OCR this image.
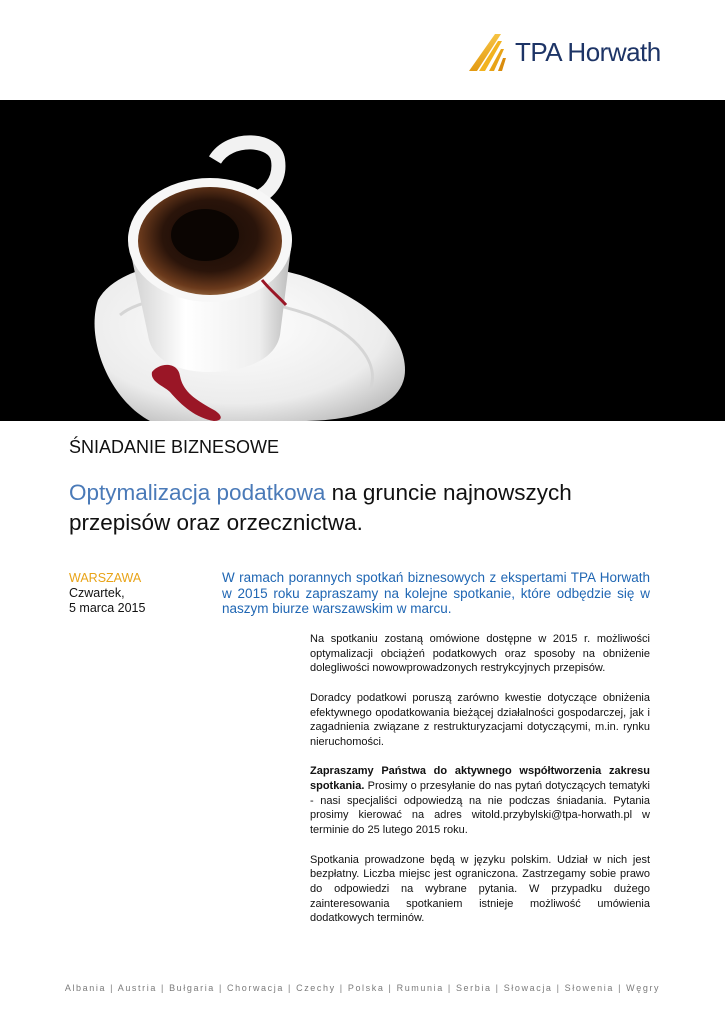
TPA Horwath
ŚNIADANIE BIZNESOWE
Optymalizacja podatkowa na gruncie najnowszych przepisów oraz orzecznictwa.
WARSZAWA
Czwartek,
5 marca 2015
W ramach porannych spotkań biznesowych z ekspertami TPA Horwath w 2015 roku zapraszamy na kolejne spotkanie, które odbędzie się w naszym biurze warszawskim w marcu.

Na spotkaniu zostaną omówione dostępne w 2015 r. możliwości optymalizacji obciążeń podatkowych oraz sposoby na obniżenie dolegliwości nowowprowadzonych restrykcyjnych przepisów.

Doradcy podatkowi poruszą zarówno kwestie dotyczące obniżenia efektywnego opodatkowania bieżącej działalności gospodarczej, jak i zagadnienia związane z restrukturyzacjami dotyczącymi, m.in. rynku nieruchomości.

Zapraszamy Państwa do aktywnego współtworzenia zakresu spotkania. Prosimy o przesyłanie do nas pytań dotyczących tematyki - nasi specjaliści odpowiedzą na nie podczas śniadania. Pytania prosimy kierować na adres witold.przybylski@tpa-horwath.pl w terminie do 25 lutego 2015 roku.

Spotkania prowadzone będą w języku polskim. Udział w nich jest bezpłatny. Liczba miejsc jest ograniczona. Zastrzegamy sobie prawo do odpowiedzi na wybrane pytania. W przypadku dużego zainteresowania spotkaniem istnieje możliwość umówienia dodatkowych terminów.

Albania | Austria | Bułgaria | Chorwacja | Czechy | Polska | Rumunia | Serbia | Słowacja | Słowenia | Węgry
